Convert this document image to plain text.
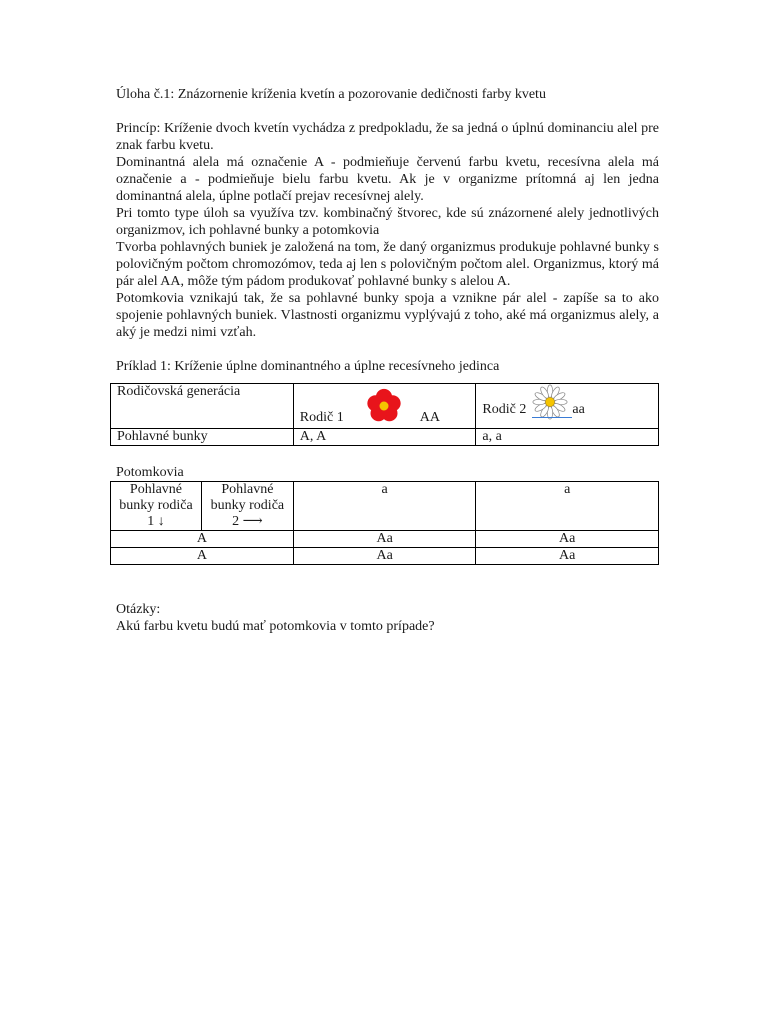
Úloha č.1: Znázornenie kríženia kvetín a pozorovanie dedičnosti farby kvetu

Princíp: Kríženie dvoch kvetín vychádza z predpokladu, že sa jedná o úplnú dominanciu alel pre znak farbu kvetu.

Dominantná alela má označenie A - podmieňuje červenú farbu kvetu, recesívna alela má označenie a - podmieňuje bielu farbu kvetu. Ak je v organizme prítomná aj len jedna dominantná alela, úplne potlačí prejav recesívnej alely.

Pri tomto type úloh sa využíva tzv. kombinačný štvorec, kde sú znázornené alely jednotlivých organizmov, ich pohlavné bunky a potomkovia

Tvorba pohlavných buniek je založená na tom, že daný organizmus produkuje pohlavné bunky s polovičným počtom chromozómov, teda aj len s polovičným počtom alel. Organizmus, ktorý má pár alel AA, môže tým pádom produkovať pohlavné bunky s alelou A.

Potomkovia vznikajú tak, že sa pohlavné bunky spoja a vznikne pár alel - zapíše sa to ako spojenie pohlavných buniek. Vlastnosti organizmu vyplývajú z toho, aké má organizmus alely, a aký je medzi nimi vzťah.

Príklad 1: Kríženie úplne dominantného a úplne recesívneho jedinca

Rodičovská generácia	Rodič 1 AA	Rodič 2 aa

Pohlavné bunky	A, A	a, a

Potomkovia

Pohlavné bunky rodiča 1 ↓	Pohlavné bunky rodiča 2 ⟶	a	a
A		Aa	Aa
A		Aa	Aa

Otázky:

Akú farbu kvetu budú mať potomkovia v tomto prípade?
